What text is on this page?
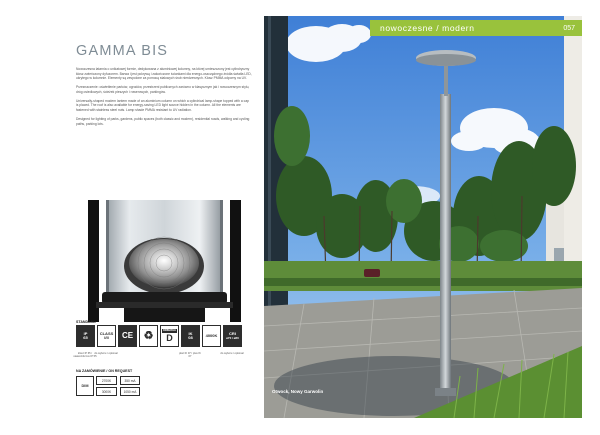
GAMMA BIS

Nowoczesna latarnia o unikatowej formie, dedykowana z aluminiowej kolumny, na której umieszczony jest cylindryczny klosz zwieńczony dyfuzorem. Barwa i jest pokrywą i zakończone ściankami dla energo-oszczędnego źródła światła LED, ukrytego w kolumnie. Elementy są zespolone za pomocą stalowych śrub nierdzewnych. Klosz PMMA odporny na UV.

Przeznaczenie: oświetlenie parków, ogrodów, przestrzeni publicznych zarówno w klasycznym jak i nowoczesnym stylu, dróg osiedlowych, ścieżek pieszych i rowerowych, parkingów.

Universally-shaped modern lantern made of an aluminium column on which a cylindrical lamp-shape topped with a cap is placed. The roof is also available for energy-saving LED light source hidden in the column. All the elements are fastened with stainless steel nuts. Lamp shade PMMA resistant to UV radiation.

Designed for lighting of parks, gardens, public spaces (both classic and modern), residential roads, walking and cycling paths, parking lots.

STANDARD
IP
65
CLASS
I/II CE ♻	DIMMABLE
D
IK
08	4000K	CRI
≥70 / ≥80
klosz IP 65 / statecznik box IP 55
do wyboru / optional	płaz IK 07 / plus IK 07
do wyboru / optional
NA ZAMÓWIENIE / ON REQUEST
DIM
2700K	350 mA
3000K	1050 mA
nowoczesne / modern	057
Otwock, Nowy Garwolin
